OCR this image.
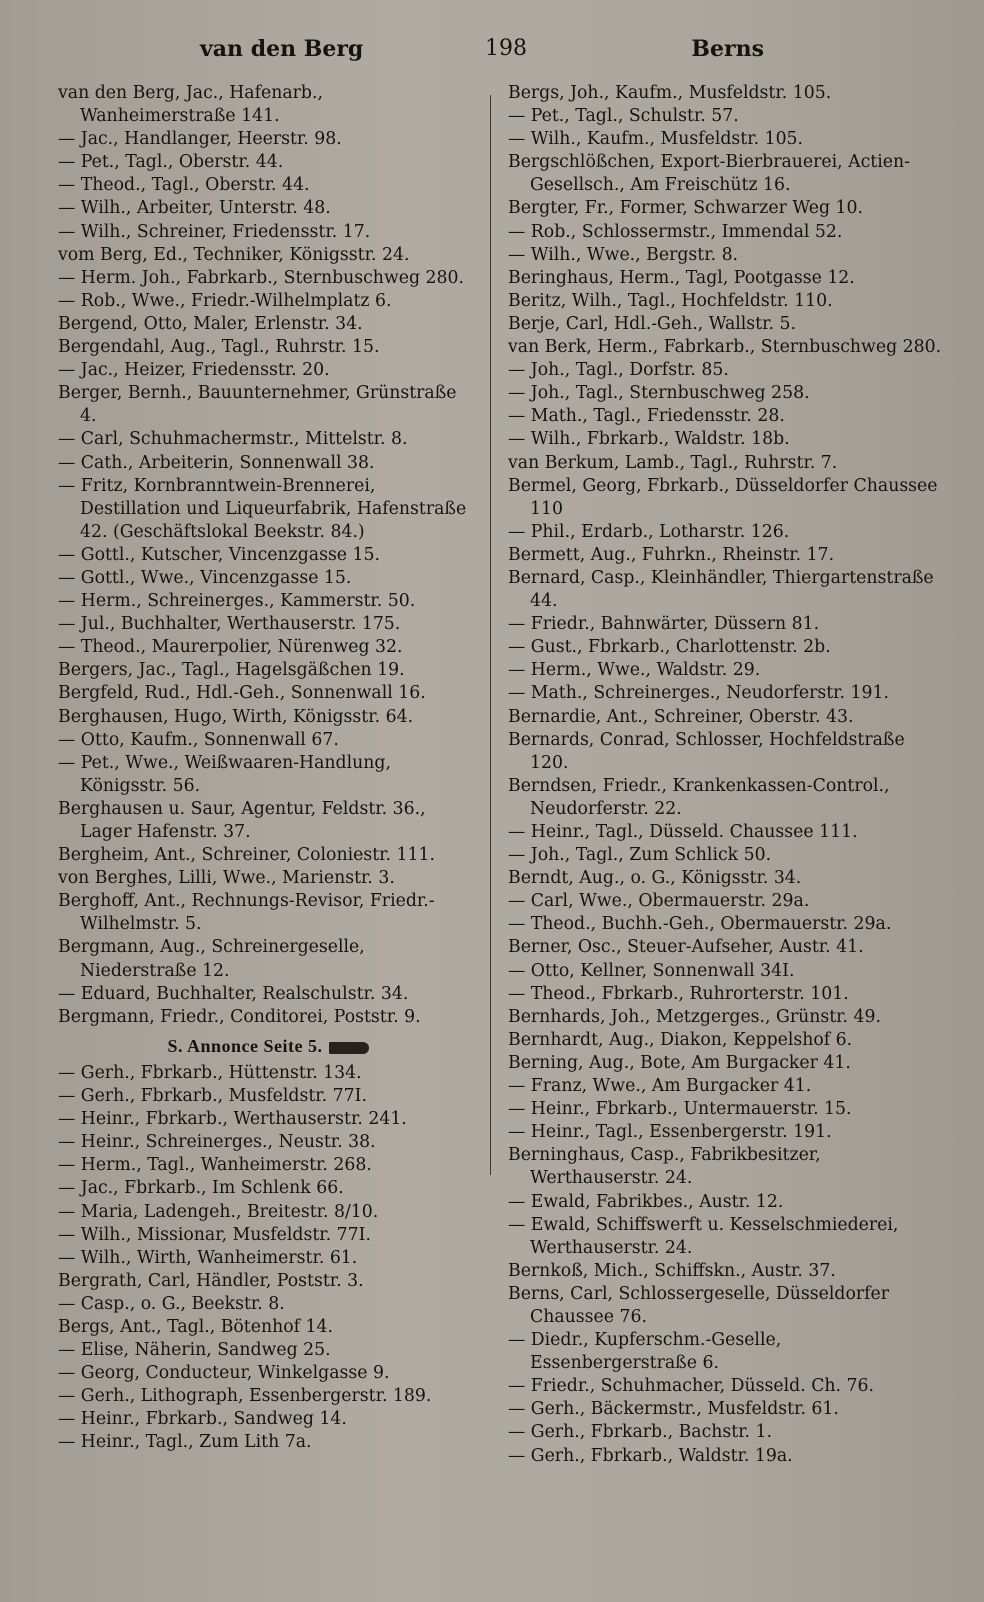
van den Berg	198	Berns

van den Berg, Jac., Hafenarb., Wanheimerstraße 141.

— Jac., Handlanger, Heerstr. 98.

— Pet., Tagl., Oberstr. 44.

— Theod., Tagl., Oberstr. 44.

— Wilh., Arbeiter, Unterstr. 48.

— Wilh., Schreiner, Friedensstr. 17.

vom Berg, Ed., Techniker, Königsstr. 24.

— Herm. Joh., Fabrkarb., Sternbuschweg 280.

— Rob., Wwe., Friedr.-Wilhelmplatz 6.

Bergend, Otto, Maler, Erlenstr. 34.

Bergendahl, Aug., Tagl., Ruhrstr. 15.

— Jac., Heizer, Friedensstr. 20.

Berger, Bernh., Bauunternehmer, Grünstraße 4.

— Carl, Schuhmachermstr., Mittelstr. 8.

— Cath., Arbeiterin, Sonnenwall 38.

— Fritz, Kornbranntwein-Brennerei, Destillation und Liqueurfabrik, Hafenstraße 42. (Geschäftslokal Beekstr. 84.)

— Gottl., Kutscher, Vincenzgasse 15.

— Gottl., Wwe., Vincenzgasse 15.

— Herm., Schreinerges., Kammerstr. 50.

— Jul., Buchhalter, Werthauserstr. 175.

— Theod., Maurerpolier, Nürenweg 32.

Bergers, Jac., Tagl., Hagelsgäßchen 19.

Bergfeld, Rud., Hdl.-Geh., Sonnenwall 16.

Berghausen, Hugo, Wirth, Königsstr. 64.

— Otto, Kaufm., Sonnenwall 67.

— Pet., Wwe., Weißwaaren-Handlung, Königsstr. 56.

Berghausen u. Saur, Agentur, Feldstr. 36., Lager Hafenstr. 37.

Bergheim, Ant., Schreiner, Coloniestr. 111.

von Berghes, Lilli, Wwe., Marienstr. 3.

Berghoff, Ant., Rechnungs-Revisor, Friedr.-Wilhelmstr. 5.

Bergmann, Aug., Schreinergeselle, Niederstraße 12.

— Eduard, Buchhalter, Realschulstr. 34.

Bergmann, Friedr., Conditorei, Poststr. 9.

S. Annonce Seite 5.

— Gerh., Fbrkarb., Hüttenstr. 134.

— Gerh., Fbrkarb., Musfeldstr. 77I.

— Heinr., Fbrkarb., Werthauserstr. 241.

— Heinr., Schreinerges., Neustr. 38.

— Herm., Tagl., Wanheimerstr. 268.

— Jac., Fbrkarb., Im Schlenk 66.

— Maria, Ladengeh., Breitestr. 8/10.

— Wilh., Missionar, Musfeldstr. 77I.

— Wilh., Wirth, Wanheimerstr. 61.

Bergrath, Carl, Händler, Poststr. 3.

— Casp., o. G., Beekstr. 8.

Bergs, Ant., Tagl., Bötenhof 14.

— Elise, Näherin, Sandweg 25.

— Georg, Conducteur, Winkelgasse 9.

— Gerh., Lithograph, Essenbergerstr. 189.

— Heinr., Fbrkarb., Sandweg 14.

— Heinr., Tagl., Zum Lith 7a.

Bergs, Joh., Kaufm., Musfeldstr. 105.

— Pet., Tagl., Schulstr. 57.

— Wilh., Kaufm., Musfeldstr. 105.

Bergschlößchen, Export-Bierbrauerei, Actien-Gesellsch., Am Freischütz 16.

Bergter, Fr., Former, Schwarzer Weg 10.

— Rob., Schlossermstr., Immendal 52.

— Wilh., Wwe., Bergstr. 8.

Beringhaus, Herm., Tagl, Pootgasse 12.

Beritz, Wilh., Tagl., Hochfeldstr. 110.

Berje, Carl, Hdl.-Geh., Wallstr. 5.

van Berk, Herm., Fabrkarb., Sternbuschweg 280.

— Joh., Tagl., Dorfstr. 85.

— Joh., Tagl., Sternbuschweg 258.

— Math., Tagl., Friedensstr. 28.

— Wilh., Fbrkarb., Waldstr. 18b.

van Berkum, Lamb., Tagl., Ruhrstr. 7.

Bermel, Georg, Fbrkarb., Düsseldorfer Chaussee 110

— Phil., Erdarb., Lotharstr. 126.

Bermett, Aug., Fuhrkn., Rheinstr. 17.

Bernard, Casp., Kleinhändler, Thiergartenstraße 44.

— Friedr., Bahnwärter, Düssern 81.

— Gust., Fbrkarb., Charlottenstr. 2b.

— Herm., Wwe., Waldstr. 29.

— Math., Schreinerges., Neudorferstr. 191.

Bernardie, Ant., Schreiner, Oberstr. 43.

Bernards, Conrad, Schlosser, Hochfeldstraße 120.

Berndsen, Friedr., Krankenkassen-Control., Neudorferstr. 22.

— Heinr., Tagl., Düsseld. Chaussee 111.

— Joh., Tagl., Zum Schlick 50.

Berndt, Aug., o. G., Königsstr. 34.

— Carl, Wwe., Obermauerstr. 29a.

— Theod., Buchh.-Geh., Obermauerstr. 29a.

Berner, Osc., Steuer-Aufseher, Austr. 41.

— Otto, Kellner, Sonnenwall 34I.

— Theod., Fbrkarb., Ruhrorterstr. 101.

Bernhards, Joh., Metzgerges., Grünstr. 49.

Bernhardt, Aug., Diakon, Keppelshof 6.

Berning, Aug., Bote, Am Burgacker 41.

— Franz, Wwe., Am Burgacker 41.

— Heinr., Fbrkarb., Untermauerstr. 15.

— Heinr., Tagl., Essenbergerstr. 191.

Berninghaus, Casp., Fabrikbesitzer, Werthauserstr. 24.

— Ewald, Fabrikbes., Austr. 12.

— Ewald, Schiffswerft u. Kesselschmiederei, Werthauserstr. 24.

Bernkoß, Mich., Schiffskn., Austr. 37.

Berns, Carl, Schlossergeselle, Düsseldorfer Chaussee 76.

— Diedr., Kupferschm.-Geselle, Essenbergerstraße 6.

— Friedr., Schuhmacher, Düsseld. Ch. 76.

— Gerh., Bäckermstr., Musfeldstr. 61.

— Gerh., Fbrkarb., Bachstr. 1.

— Gerh., Fbrkarb., Waldstr. 19a.
